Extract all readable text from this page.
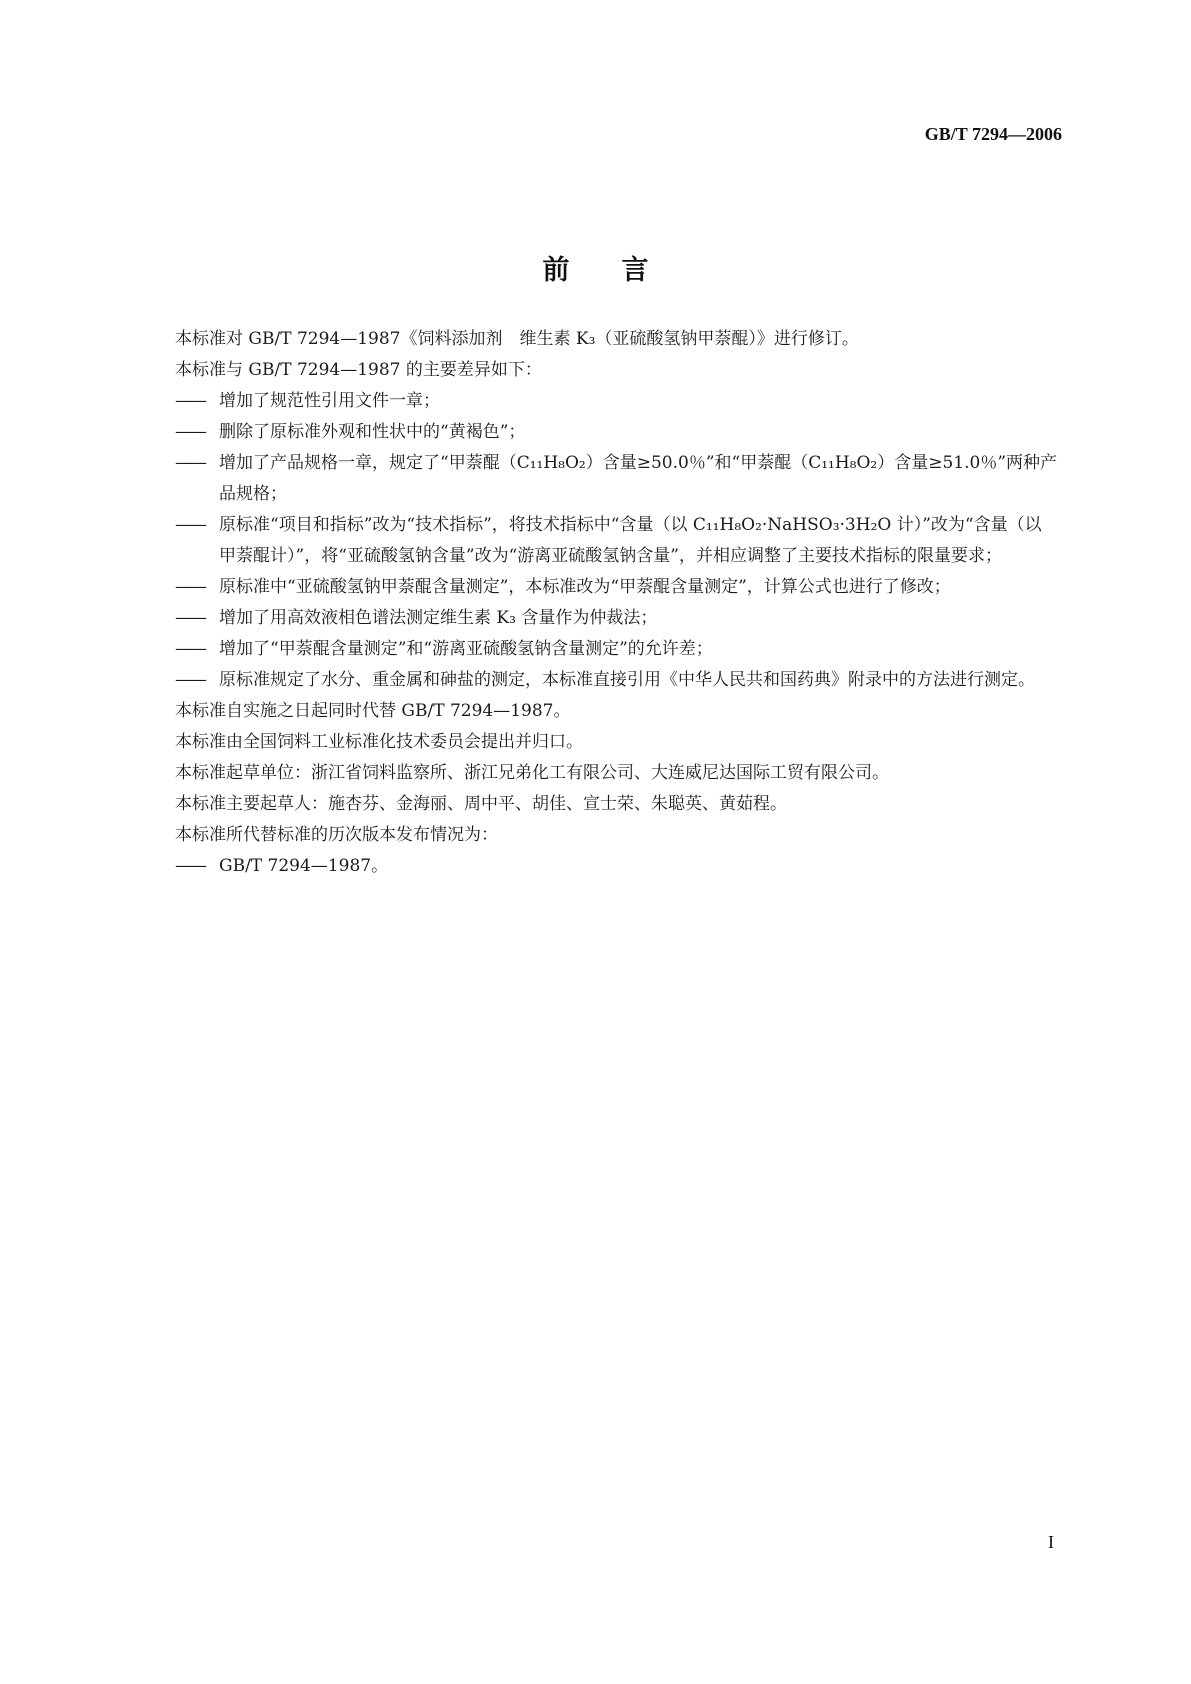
GB/T 7294—2006
前言

本标准对 GB/T 7294—1987《饲料添加剂　维生素 K₃（亚硫酸氢钠甲萘醌）》进行修订。

本标准与 GB/T 7294—1987 的主要差异如下：

—— 增加了规范性引用文件一章；

—— 删除了原标准外观和性状中的“黄褐色”；

—— 增加了产品规格一章，规定了“甲萘醌（C₁₁H₈O₂）含量≥50.0％”和“甲萘醌（C₁₁H₈O₂）含量≥51.0％”两种产品规格；

—— 原标准“项目和指标”改为“技术指标”，将技术指标中“含量（以 C₁₁H₈O₂·NaHSO₃·3H₂O 计）”改为“含量（以甲萘醌计）”，将“亚硫酸氢钠含量”改为“游离亚硫酸氢钠含量”，并相应调整了主要技术指标的限量要求；

—— 原标准中“亚硫酸氢钠甲萘醌含量测定”，本标准改为“甲萘醌含量测定”，计算公式也进行了修改；

—— 增加了用高效液相色谱法测定维生素 K₃ 含量作为仲裁法；

—— 增加了“甲萘醌含量测定”和“游离亚硫酸氢钠含量测定”的允许差；

—— 原标准规定了水分、重金属和砷盐的测定，本标准直接引用《中华人民共和国药典》附录中的方法进行测定。

本标准自实施之日起同时代替 GB/T 7294—1987。

本标准由全国饲料工业标准化技术委员会提出并归口。

本标准起草单位：浙江省饲料监察所、浙江兄弟化工有限公司、大连威尼达国际工贸有限公司。

本标准主要起草人：施杏芬、金海丽、周中平、胡佳、宣士荣、朱聪英、黄茹程。

本标准所代替标准的历次版本发布情况为：

—— GB/T 7294—1987。

I
